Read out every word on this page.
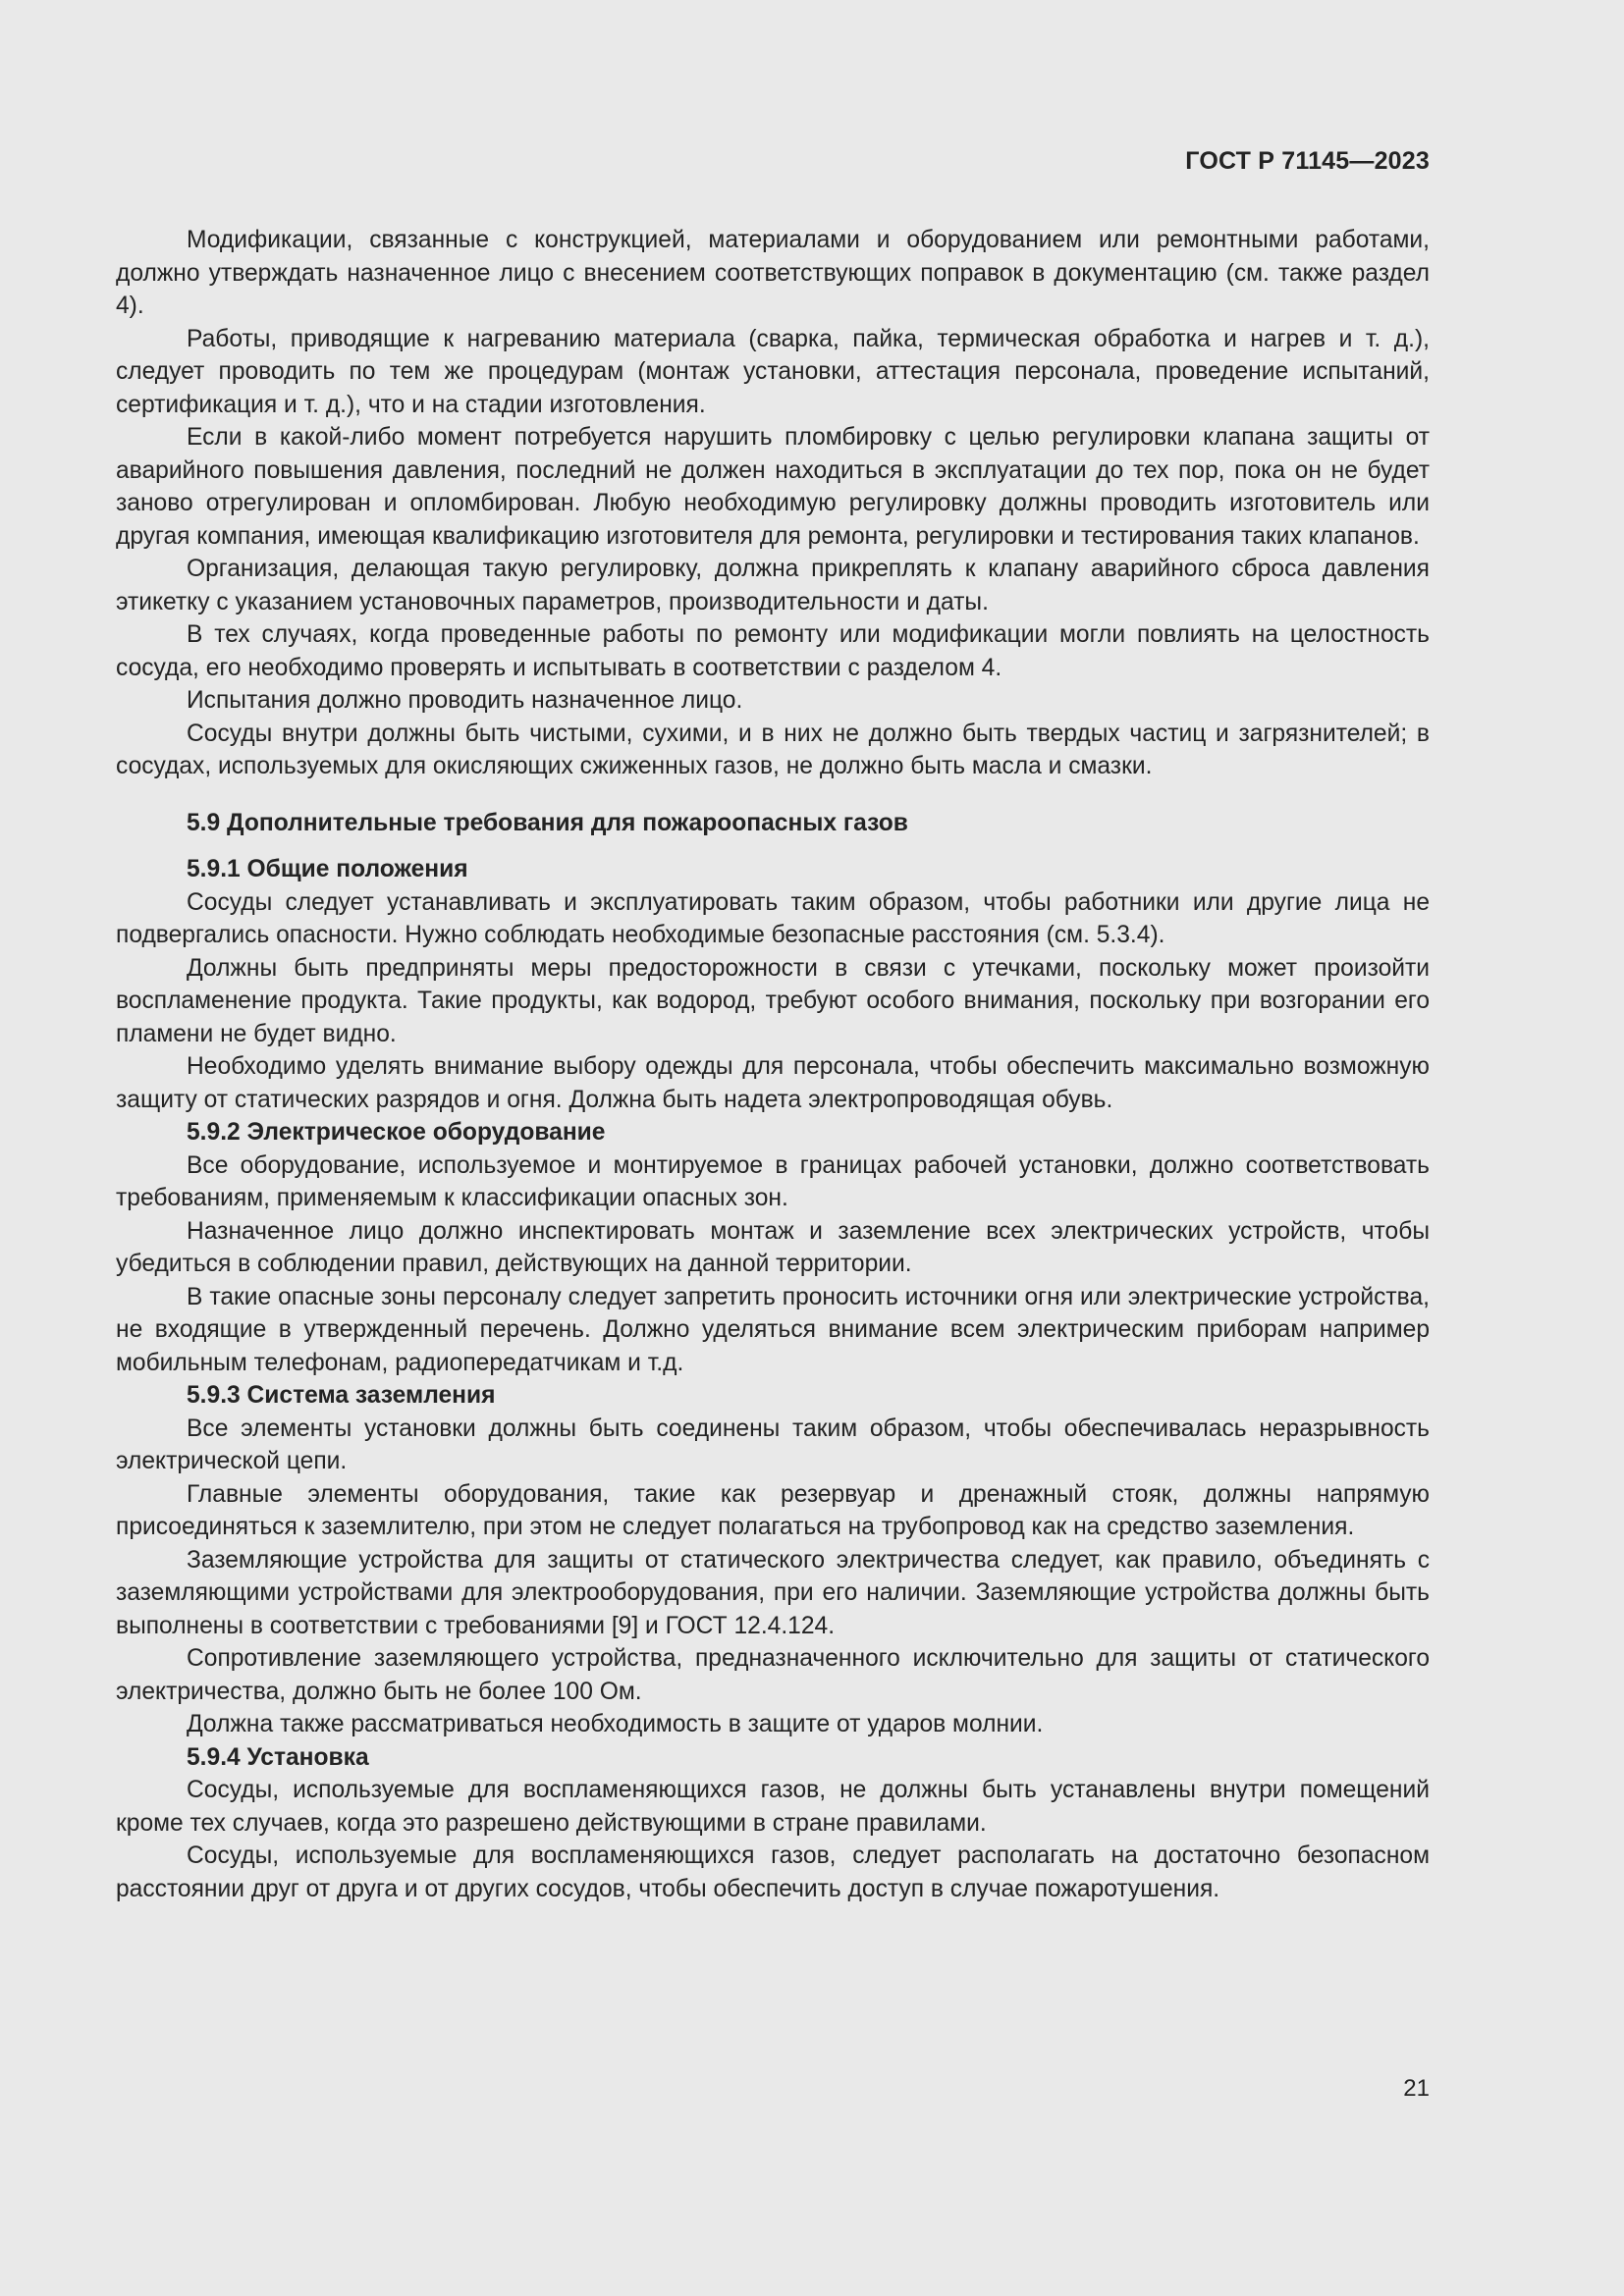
ГОСТ Р 71145—2023

Модификации, связанные с конструкцией, материалами и оборудованием или ремонтными работами, должно утверждать назначенное лицо с внесением соответствующих поправок в документацию (см. также раздел 4).

Работы, приводящие к нагреванию материала (сварка, пайка, термическая обработка и нагрев и т. д.), следует проводить по тем же процедурам (монтаж установки, аттестация персонала, проведение испытаний, сертификация и т. д.), что и на стадии изготовления.

Если в какой-либо момент потребуется нарушить пломбировку с целью регулировки клапана защиты от аварийного повышения давления, последний не должен находиться в эксплуатации до тех пор, пока он не будет заново отрегулирован и опломбирован. Любую необходимую регулировку должны проводить изготовитель или другая компания, имеющая квалификацию изготовителя для ремонта, регулировки и тестирования таких клапанов.

Организация, делающая такую регулировку, должна прикреплять к клапану аварийного сброса давления этикетку с указанием установочных параметров, производительности и даты.

В тех случаях, когда проведенные работы по ремонту или модификации могли повлиять на целостность сосуда, его необходимо проверять и испытывать в соответствии с разделом 4.

Испытания должно проводить назначенное лицо.

Сосуды внутри должны быть чистыми, сухими, и в них не должно быть твердых частиц и загрязнителей; в сосудах, используемых для окисляющих сжиженных газов, не должно быть масла и смазки.

5.9 Дополнительные требования для пожароопасных газов
5.9.1 Общие положения

Сосуды следует устанавливать и эксплуатировать таким образом, чтобы работники или другие лица не подвергались опасности. Нужно соблюдать необходимые безопасные расстояния (см. 5.3.4).

Должны быть предприняты меры предосторожности в связи с утечками, поскольку может произойти воспламенение продукта. Такие продукты, как водород, требуют особого внимания, поскольку при возгорании его пламени не будет видно.

Необходимо уделять внимание выбору одежды для персонала, чтобы обеспечить максимально возможную защиту от статических разрядов и огня. Должна быть надета электропроводящая обувь.

5.9.2 Электрическое оборудование

Все оборудование, используемое и монтируемое в границах рабочей установки, должно соответствовать требованиям, применяемым к классификации опасных зон.

Назначенное лицо должно инспектировать монтаж и заземление всех электрических устройств, чтобы убедиться в соблюдении правил, действующих на данной территории.

В такие опасные зоны персоналу следует запретить проносить источники огня или электрические устройства, не входящие в утвержденный перечень. Должно уделяться внимание всем электрическим приборам например мобильным телефонам, радиопередатчикам и т.д.

5.9.3 Система заземления

Все элементы установки должны быть соединены таким образом, чтобы обеспечивалась неразрывность электрической цепи.

Главные элементы оборудования, такие как резервуар и дренажный стояк, должны напрямую присоединяться к заземлителю, при этом не следует полагаться на трубопровод как на средство заземления.

Заземляющие устройства для защиты от статического электричества следует, как правило, объединять с заземляющими устройствами для электрооборудования, при его наличии. Заземляющие устройства должны быть выполнены в соответствии с требованиями [9] и ГОСТ 12.4.124.

Сопротивление заземляющего устройства, предназначенного исключительно для защиты от статического электричества, должно быть не более 100 Ом.

Должна также рассматриваться необходимость в защите от ударов молнии.

5.9.4 Установка

Сосуды, используемые для воспламеняющихся газов, не должны быть устанавлены внутри помещений кроме тех случаев, когда это разрешено действующими в стране правилами.

Сосуды, используемые для воспламеняющихся газов, следует располагать на достаточно безопасном расстоянии друг от друга и от других сосудов, чтобы обеспечить доступ в случае пожаротушения.

21
